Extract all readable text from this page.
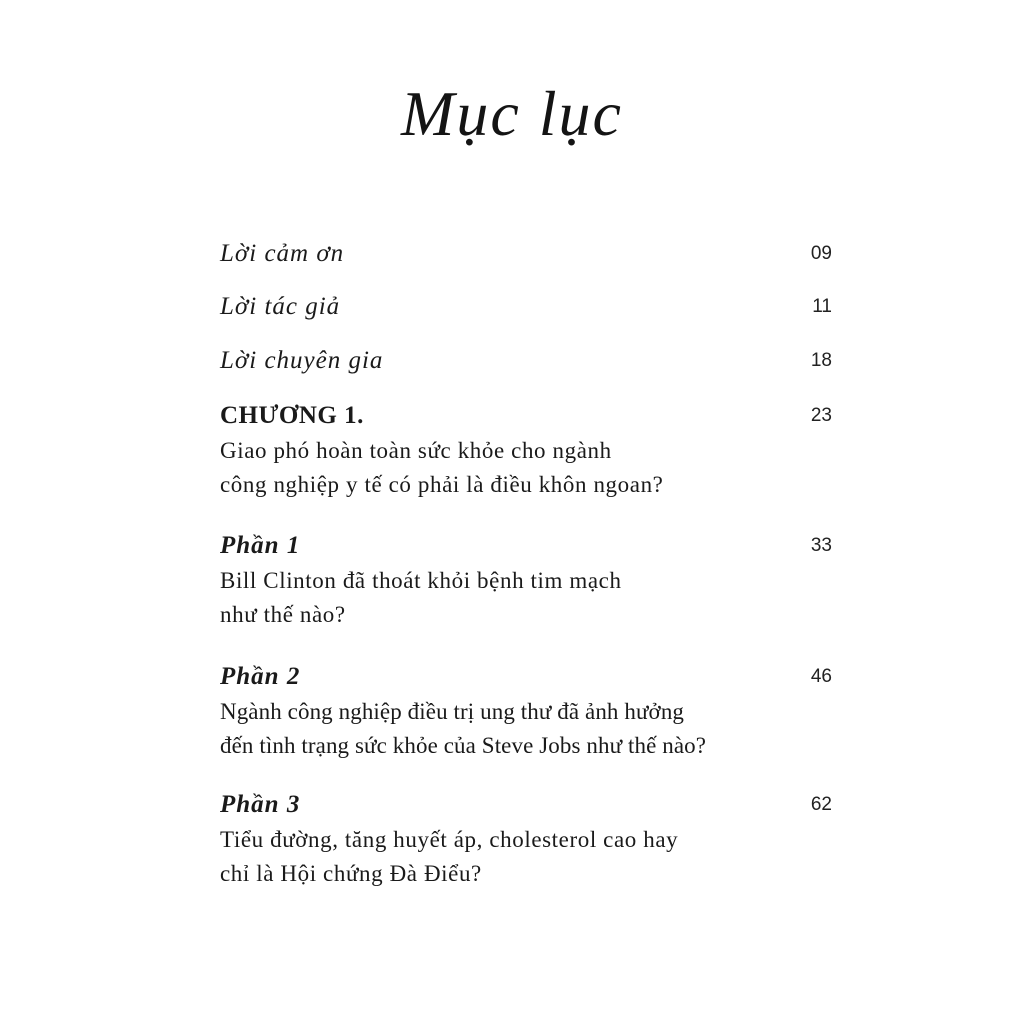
Mục lục
Lời cảm ơn	09
Lời tác giả	11
Lời chuyên gia	18
CHƯƠNG 1.	23
Giao phó hoàn toàn sức khỏe cho ngành
công nghiệp y tế có phải là điều khôn ngoan?
Phần 1	33
Bill Clinton đã thoát khỏi bệnh tim mạch
như thế nào?
Phần 2	46
Ngành công nghiệp điều trị ung thư đã ảnh hưởng
đến tình trạng sức khỏe của Steve Jobs như thế nào?
Phần 3	62
Tiểu đường, tăng huyết áp, cholesterol cao hay
chỉ là Hội chứng Đà Điểu?
